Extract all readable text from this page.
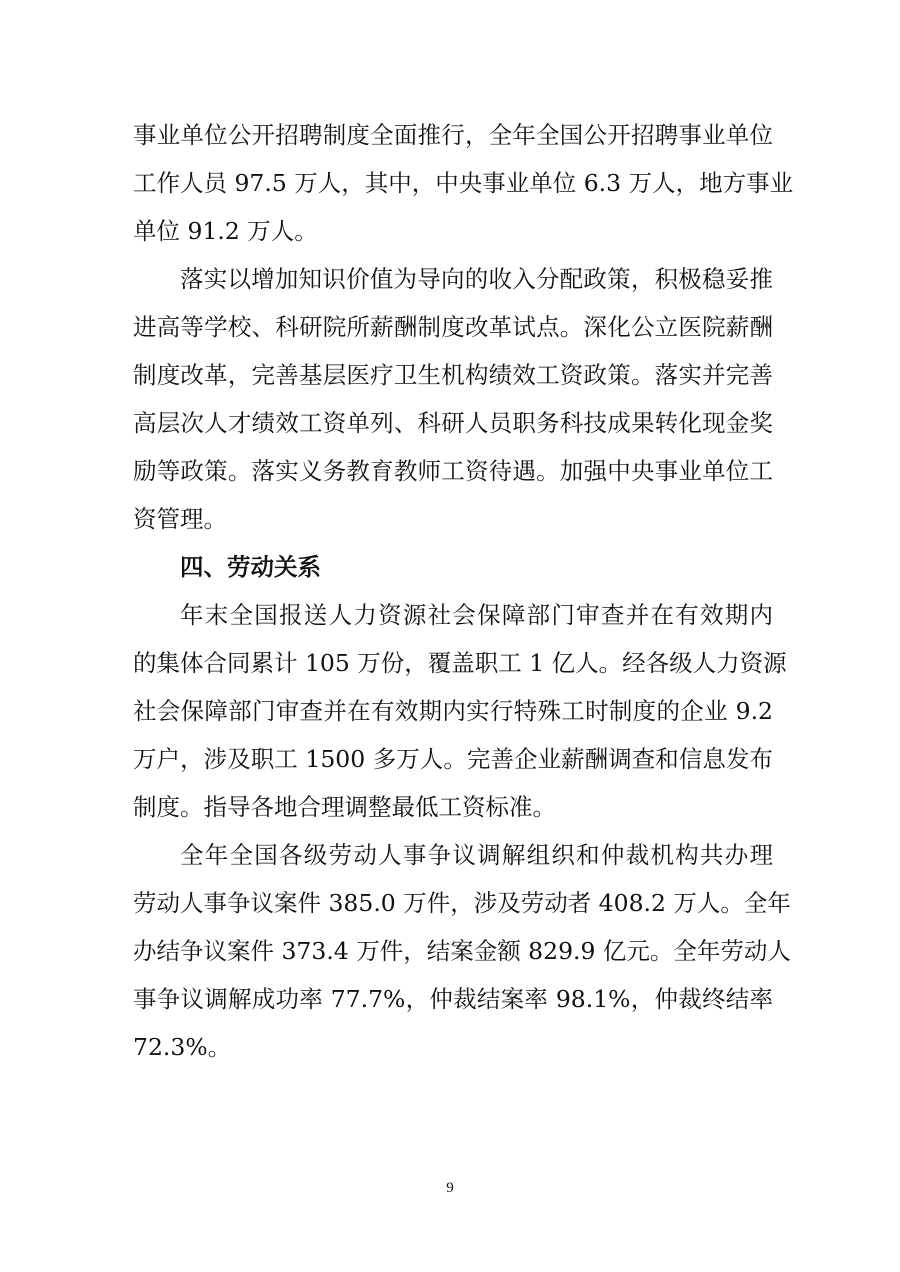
事业单位公开招聘制度全面推行，全年全国公开招聘事业单位
工作人员 97.5 万人，其中，中央事业单位 6.3 万人，地方事业
单位 91.2 万人。
落实以增加知识价值为导向的收入分配政策，积极稳妥推
进高等学校、科研院所薪酬制度改革试点。深化公立医院薪酬
制度改革，完善基层医疗卫生机构绩效工资政策。落实并完善
高层次人才绩效工资单列、科研人员职务科技成果转化现金奖
励等政策。落实义务教育教师工资待遇。加强中央事业单位工
资管理。
四、劳动关系
年末全国报送人力资源社会保障部门审查并在有效期内
的集体合同累计 105 万份，覆盖职工 1 亿人。经各级人力资源
社会保障部门审查并在有效期内实行特殊工时制度的企业 9.2
万户，涉及职工 1500 多万人。完善企业薪酬调查和信息发布
制度。指导各地合理调整最低工资标准。
全年全国各级劳动人事争议调解组织和仲裁机构共办理
劳动人事争议案件 385.0 万件，涉及劳动者 408.2 万人。全年
办结争议案件 373.4 万件，结案金额 829.9 亿元。全年劳动人
事争议调解成功率 77.7%，仲裁结案率 98.1%，仲裁终结率
72.3%。
9
